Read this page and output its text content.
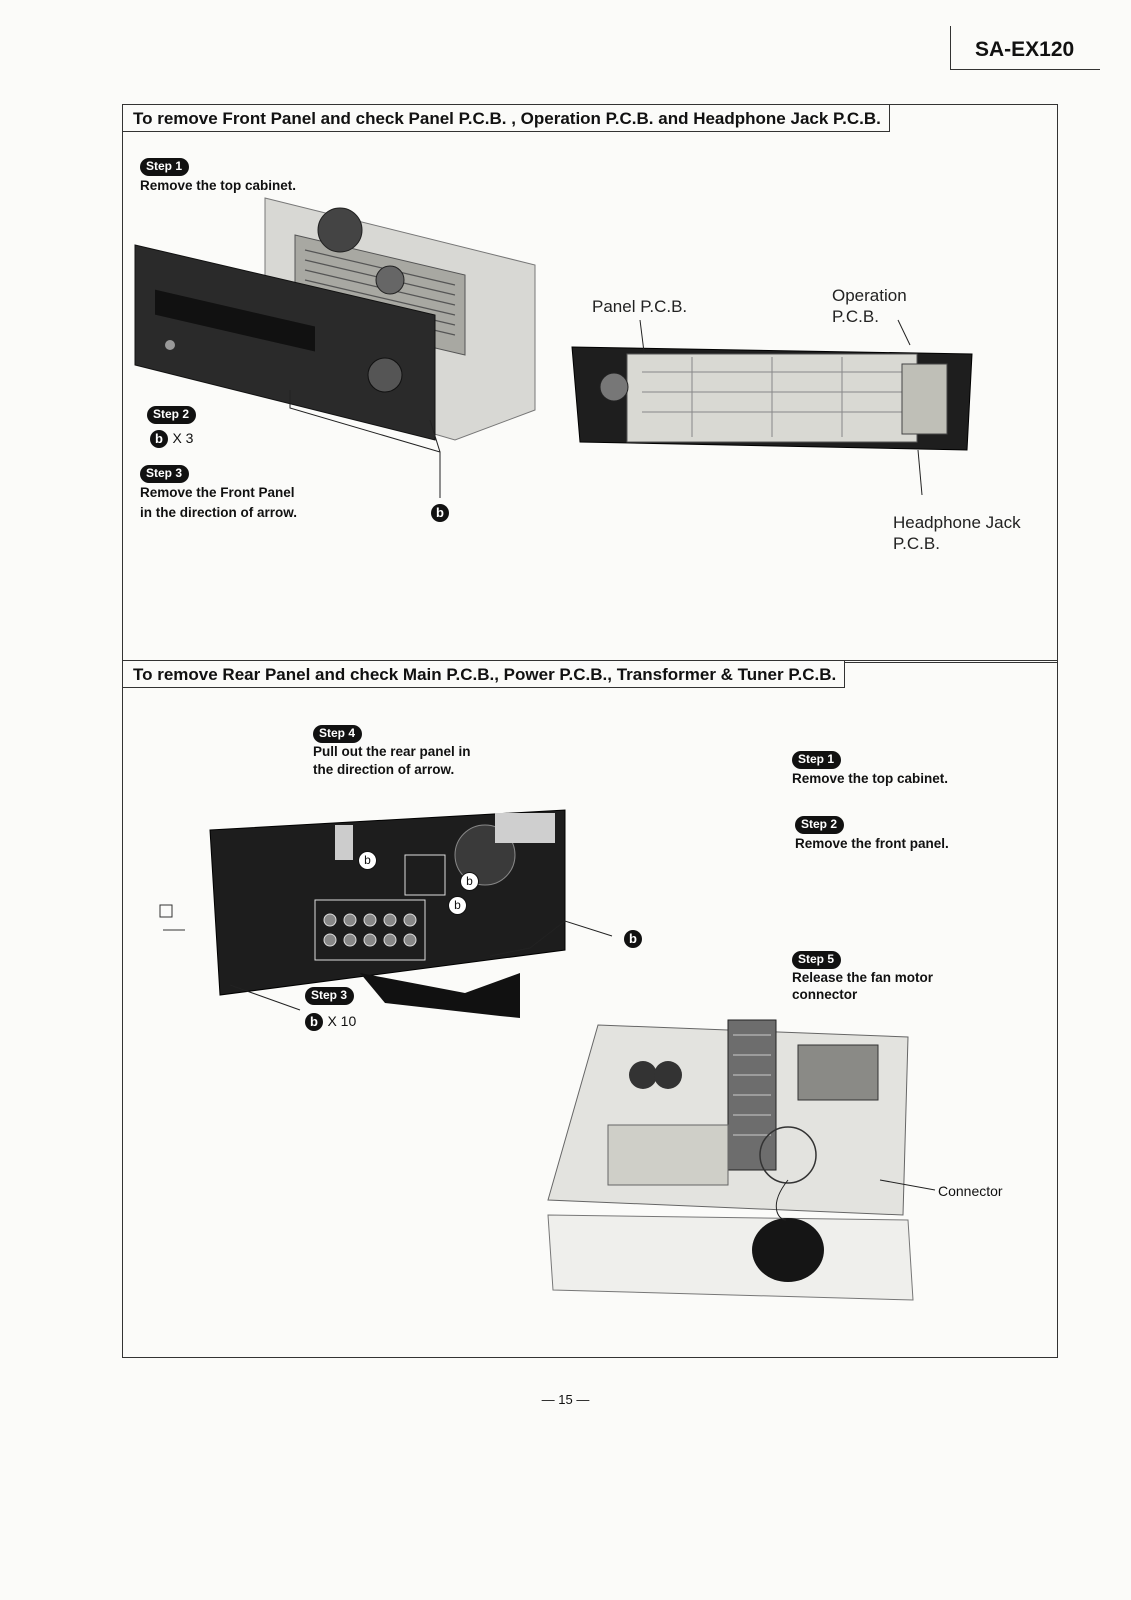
SA-EX120
To remove Front Panel and check Panel P.C.B. , Operation P.C.B. and Headphone Jack P.C.B.
Step 1
Remove the top cabinet.
Step 2
b X 3
Step 3
Remove the Front Panel
in the direction of arrow.	b
Panel P.C.B.
Operation
P.C.B.
Headphone Jack
P.C.B.
To remove Rear Panel and check Main P.C.B., Power P.C.B., Transformer & Tuner P.C.B.
Step 4
Pull out the rear panel in
the direction of arrow.
Step 1
Remove the top cabinet.
Step 2
Remove the front panel.
Step 5
Release the fan motor
connector
b
b
b
b
Step 3
b X 10
Connector
— 15 —
